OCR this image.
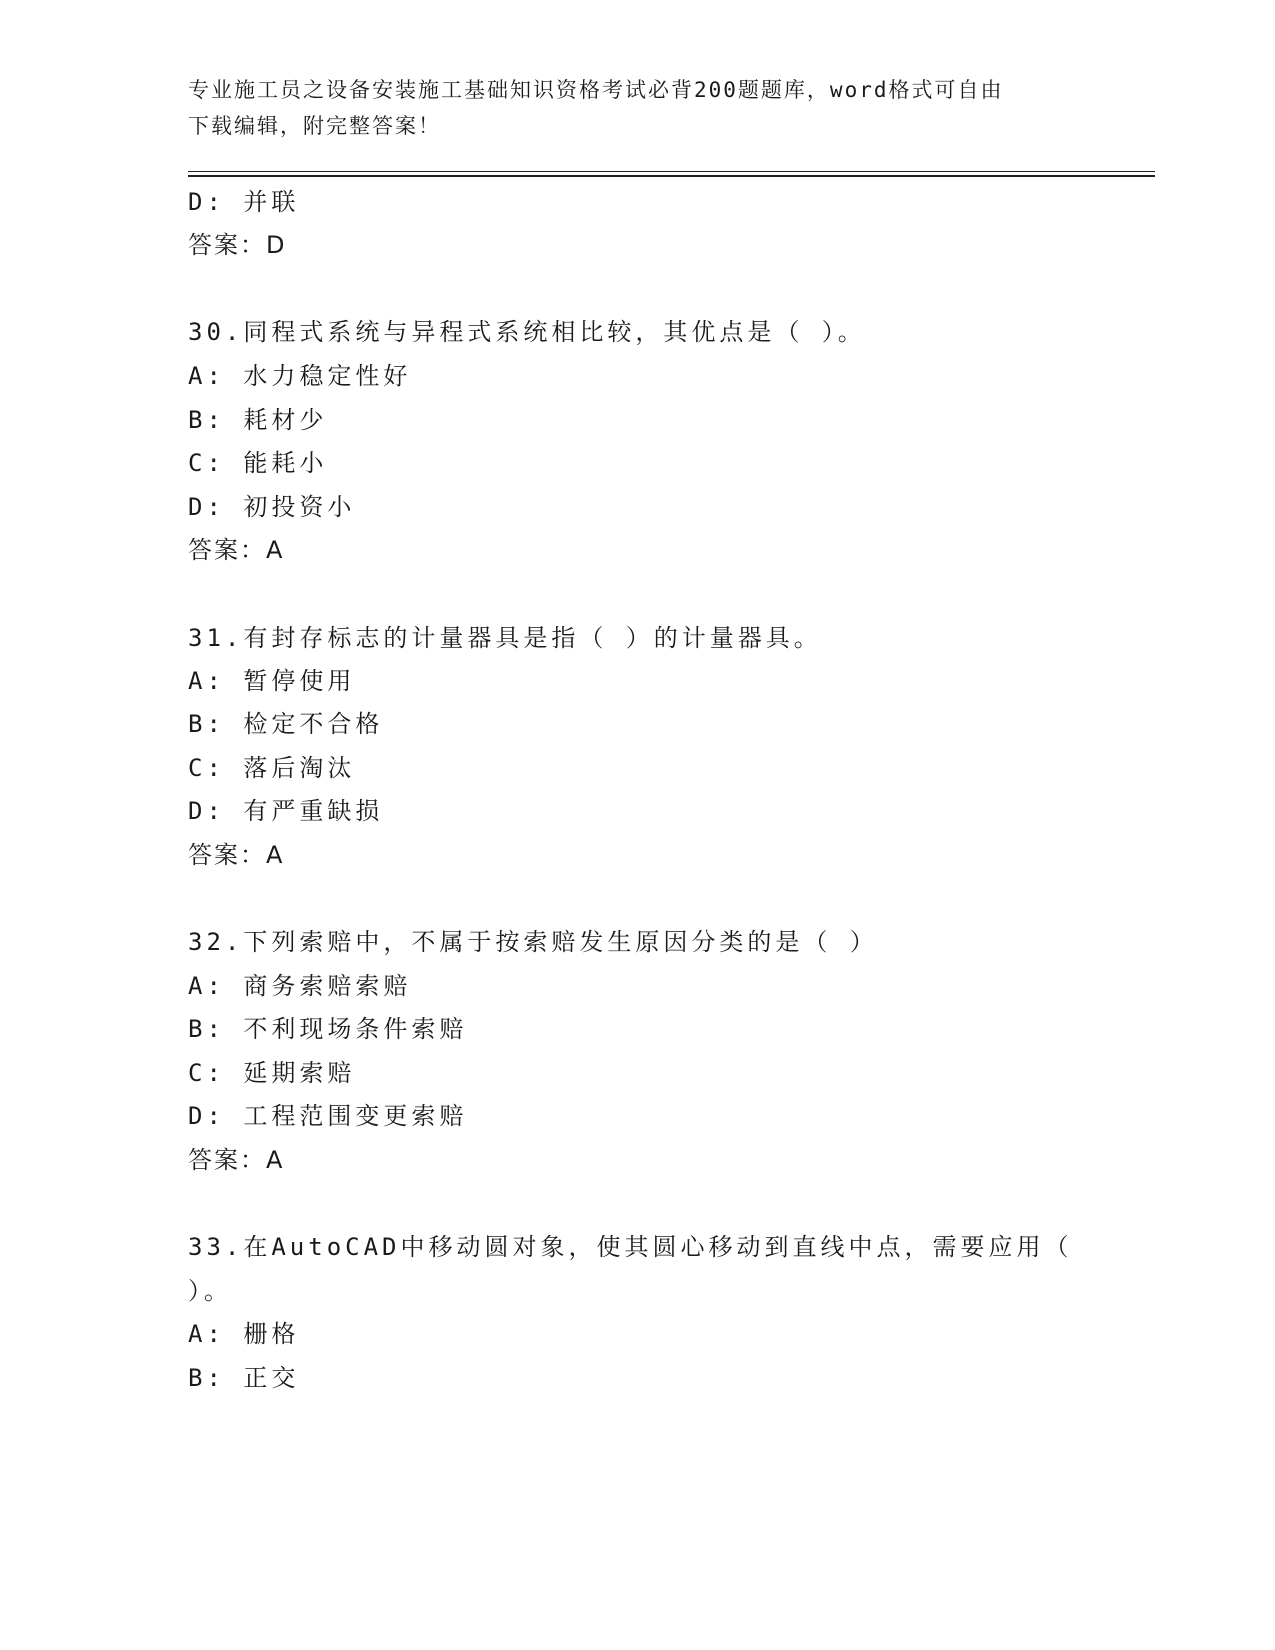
专业施工员之设备安装施工基础知识资格考试必背200题题库，word格式可自由
下载编辑，附完整答案！
D: 并联
答案：D
30.同程式系统与异程式系统相比较，其优点是（ ）。
A: 水力稳定性好
B: 耗材少
C: 能耗小
D: 初投资小
答案：A
31.有封存标志的计量器具是指（ ）的计量器具。
A: 暂停使用
B: 检定不合格
C: 落后淘汰
D: 有严重缺损
答案：A
32.下列索赔中，不属于按索赔发生原因分类的是（ ）
A: 商务索赔索赔
B: 不利现场条件索赔
C: 延期索赔
D: 工程范围变更索赔
答案：A
33.在AutoCAD中移动圆对象，使其圆心移动到直线中点，需要应用（
）。
A: 栅格
B: 正交
